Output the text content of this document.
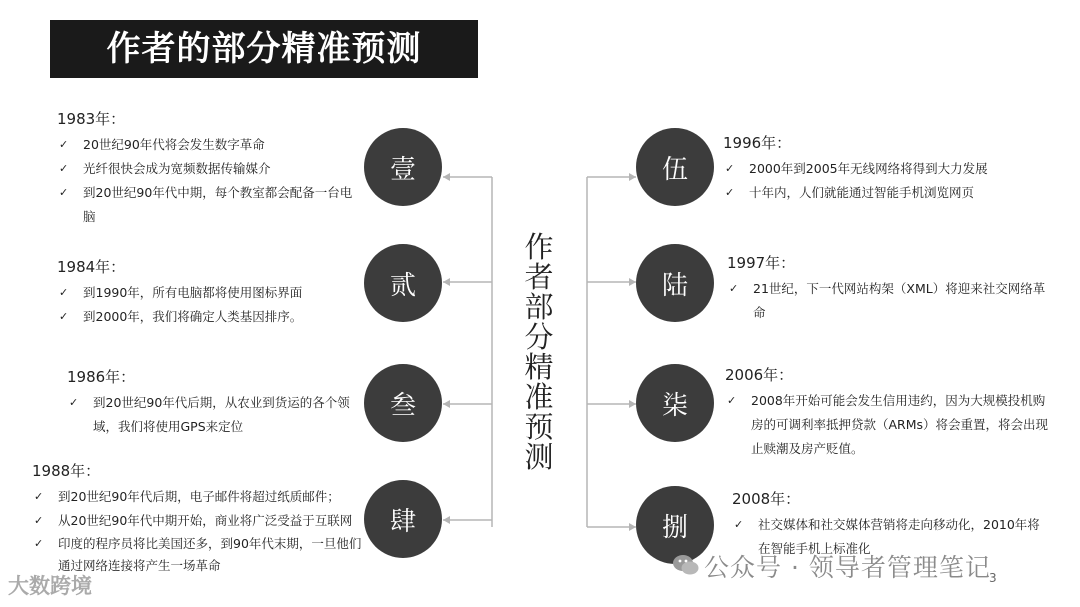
作者的部分精准预测
壹
贰
叁
肆
伍
陆
柒
捌
作
者
部
分
精
准
预
测
1983年：
✓ 20世纪90年代将会发生数字革命
✓ 光纤很快会成为宽频数据传输媒介
✓ 到20世纪90年代中期，每个教室都会配备一台电脑
1984年：
✓ 到1990年，所有电脑都将使用图标界面
✓ 到2000年，我们将确定人类基因排序。
1986年：
✓ 到20世纪90年代后期，从农业到货运的各个领域，我们将使用GPS来定位
1988年：
✓ 到20世纪90年代后期，电子邮件将超过纸质邮件；
✓ 从20世纪90年代中期开始，商业将广泛受益于互联网
✓ 印度的程序员将比美国还多，到90年代末期，一旦他们通过网络连接将产生一场革命
1996年：
✓ 2000年到2005年无线网络将得到大力发展
✓ 十年内，人们就能通过智能手机浏览网页
1997年：
✓ 21世纪，下一代网站构架（XML）将迎来社交网络革命
2006年：
✓ 2008年开始可能会发生信用违约，因为大规模投机购房的可调利率抵押贷款（ARMs）将会重置，将会出现止赎潮及房产贬值。
2008年：
✓ 社交媒体和社交媒体营销将走向移动化，2010年将在智能手机上标准化
公众号 · 领导者管理笔记
大数跨境	3
